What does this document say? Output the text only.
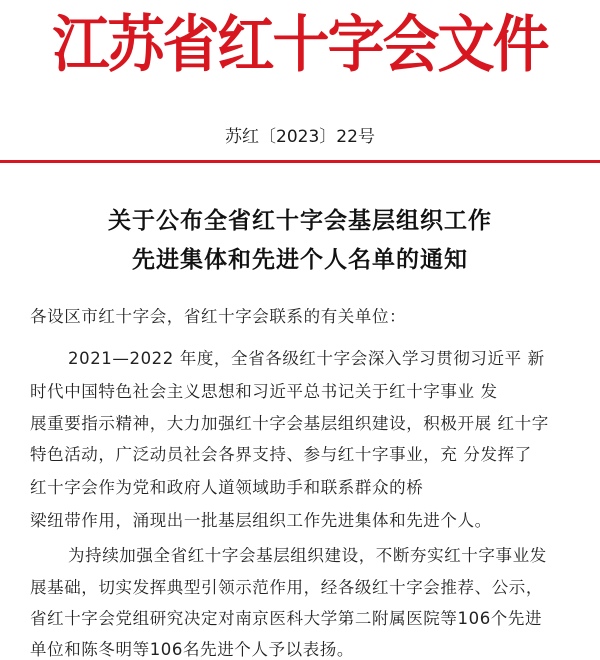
江苏省红十字会文件
苏红〔2023〕22号
关于公布全省红十字会基层组织工作
先进集体和先进个人名单的通知
各设区市红十字会，省红十字会联系的有关单位：
2021—2022 年度，全省各级红十字会深入学习贯彻习近平 新
时代中国特色社会主义思想和习近平总书记关于红十字事业 发
展重要指示精神，大力加强红十字会基层组织建设，积极开展 红十字
特色活动，广泛动员社会各界支持、参与红十字事业，充 分发挥了
红十字会作为党和政府人道领域助手和联系群众的桥
梁纽带作用，涌现出一批基层组织工作先进集体和先进个人。
为持续加强全省红十字会基层组织建设，不断夯实红十字事业发
展基础，切实发挥典型引领示范作用，经各级红十字会推荐、公示，
省红十字会党组研究决定对南京医科大学第二附属医院等106个先进
单位和陈冬明等106名先进个人予以表扬。
